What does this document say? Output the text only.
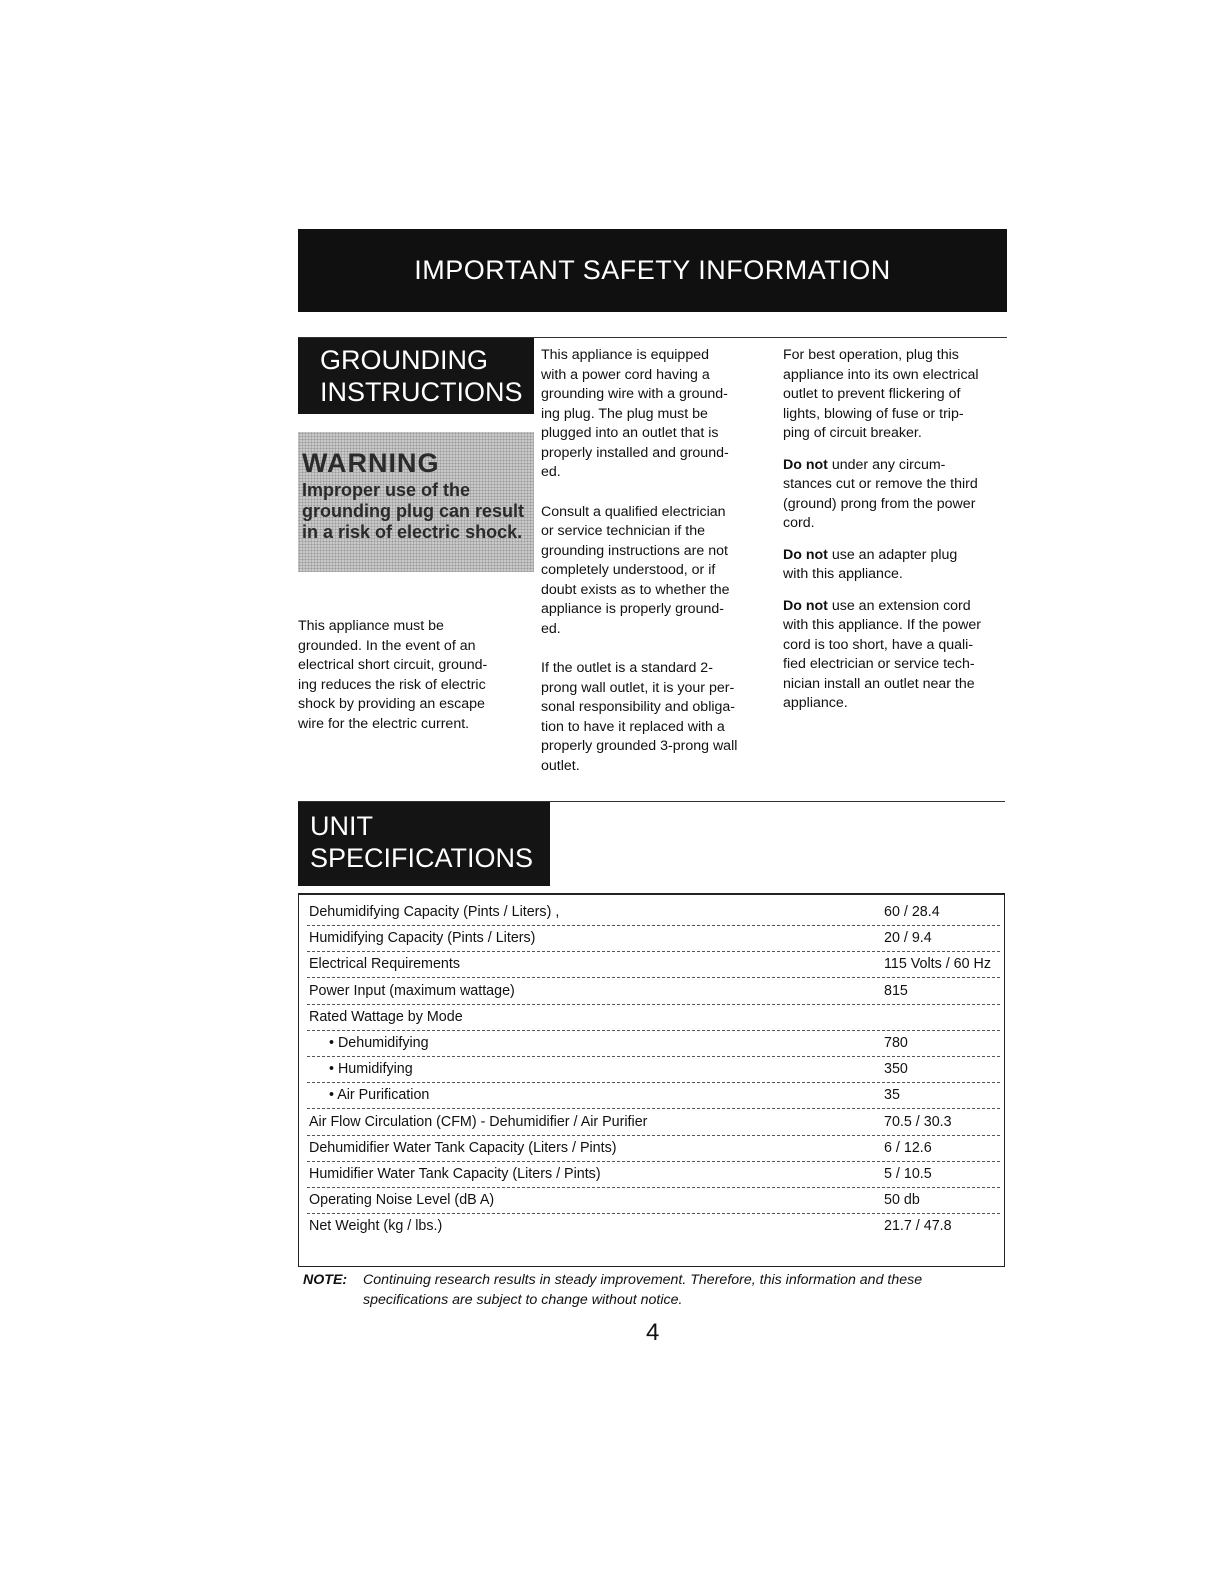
IMPORTANT SAFETY INFORMATION
GROUNDING
INSTRUCTIONS
WARNING
Improper use of the
grounding plug can result
in a risk of electric shock.
This appliance must be
grounded. In the event of an
electrical short circuit, ground-
ing reduces the risk of electric
shock by providing an escape
wire for the electric current.

This appliance is equipped
with a power cord having a
grounding wire with a ground-
ing plug. The plug must be
plugged into an outlet that is
properly installed and ground-
ed.

Consult a qualified electrician
or service technician if the
grounding instructions are not
completely understood, or if
doubt exists as to whether the
appliance is properly ground-
ed.

If the outlet is a standard 2-
prong wall outlet, it is your per-
sonal responsibility and obliga-
tion to have it replaced with a
properly grounded 3-prong wall
outlet.

For best operation, plug this
appliance into its own electrical
outlet to prevent flickering of
lights, blowing of fuse or trip-
ping of circuit breaker.

Do not under any circum-
stances cut or remove the third
(ground) prong from the power
cord.

Do not use an adapter plug
with this appliance.

Do not use an extension cord
with this appliance. If the power
cord is too short, have a quali-
fied electrician or service tech-
nician install an outlet near the
appliance.

UNIT
SPECIFICATIONS
Dehumidifying Capacity (Pints / Liters) ,	60 / 28.4
Humidifying Capacity (Pints / Liters)	20 / 9.4
Electrical Requirements	115 Volts / 60 Hz
Power Input (maximum wattage)	815
Rated Wattage by Mode
• Dehumidifying	780
• Humidifying	350
• Air Purification	35
Air Flow Circulation (CFM) - Dehumidifier / Air Purifier	70.5 / 30.3
Dehumidifier Water Tank Capacity (Liters / Pints)	6 / 12.6
Humidifier Water Tank Capacity (Liters / Pints)	5 / 10.5
Operating Noise Level (dB A)	50 db
Net Weight (kg / lbs.)	21.7 / 47.8
NOTE: Continuing research results in steady improvement. Therefore, this information and these
specifications are subject to change without notice.
4
